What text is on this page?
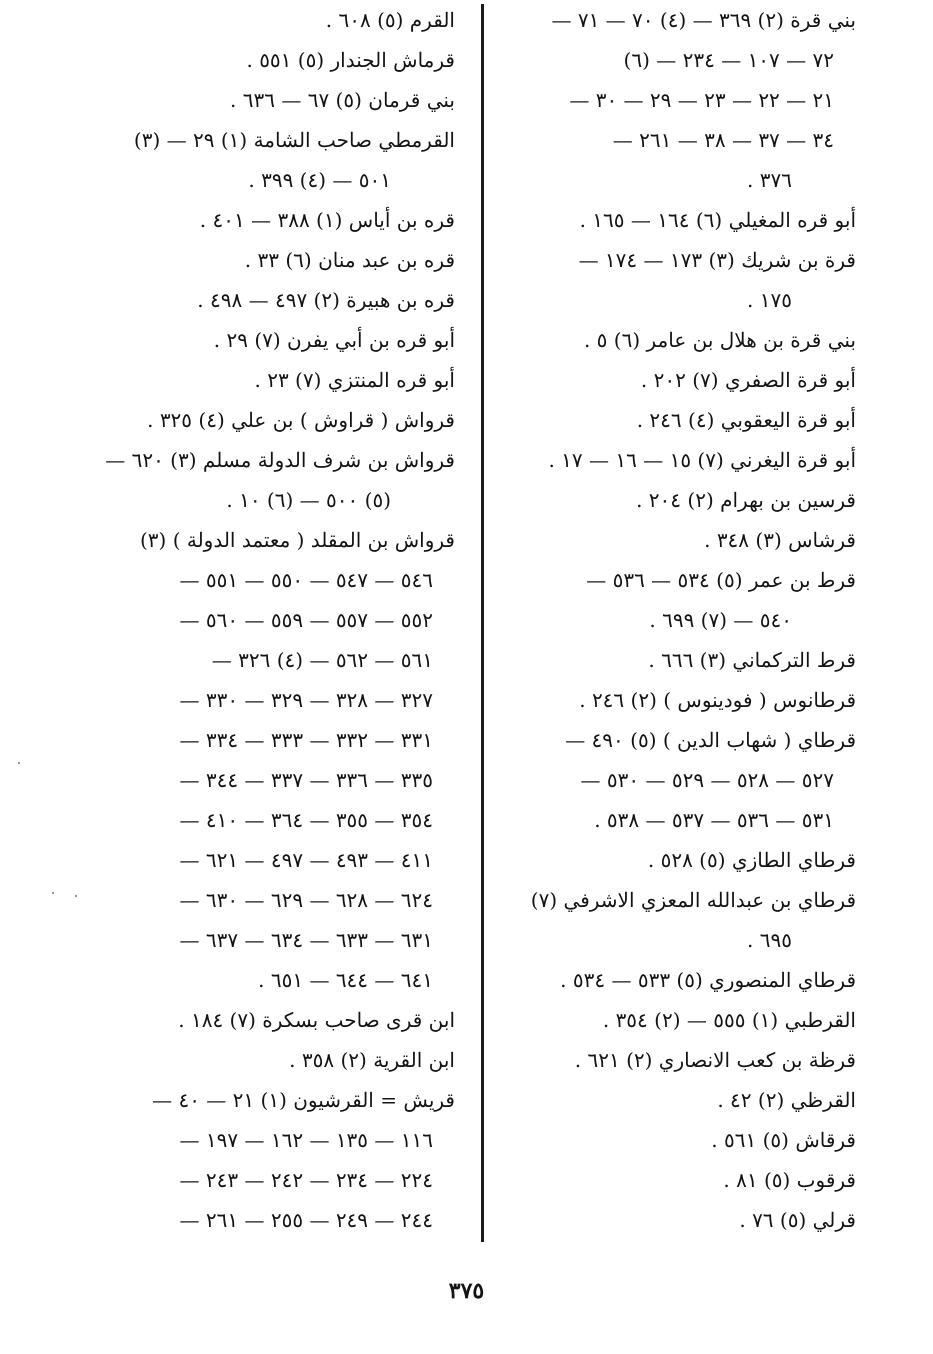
بني قرة (٢) ٣٦٩ — (٤) ٧٠ — ٧١ —
٧٢ — ١٠٧ — ٢٣٤ — (٦)
٢١ — ٢٢ — ٢٣ — ٢٩ — ٣٠ —
٣٤ — ٣٧ — ٣٨ — ٢٦١ —
٣٧٦ .
أبو قره المغيلي (٦) ١٦٤ — ١٦٥ .
قرة بن شريك (٣) ١٧٣ — ١٧٤ —
١٧٥ .
بني قرة بن هلال بن عامر (٦) ٥ .
أبو قرة الصفري (٧) ٢٠٢ .
أبو قرة اليعقوبي (٤) ٢٤٦ .
أبو قرة اليغرني (٧) ١٥ — ١٦ — ١٧ .
قرسين بن بهرام (٢) ٢٠٤ .
قرشاس (٣) ٣٤٨ .
قرط بن عمر (٥) ٥٣٤ — ٥٣٦ —
٥٤٠ — (٧) ٦٩٩ .
قرط التركماني (٣) ٦٦٦ .
قرطانوس ( فودينوس ) (٢) ٢٤٦ .
قرطاي ( شهاب الدين ) (٥) ٤٩٠ —
٥٢٧ — ٥٢٨ — ٥٢٩ — ٥٣٠ —
٥٣١ — ٥٣٦ — ٥٣٧ — ٥٣٨ .
قرطاي الطازي (٥) ٥٢٨ .
قرطاي بن عبدالله المعزي الاشرفي (٧)
٦٩٥ .
قرطاي المنصوري (٥) ٥٣٣ — ٥٣٤ .
القرطبي (١) ٥٥٥ — (٢) ٣٥٤ .
قرظة بن كعب الانصاري (٢) ٦٢١ .
القرظي (٢) ٤٢ .
قرقاش (٥) ٥٦١ .
قرقوب (٥) ٨١ .
قرلي (٥) ٧٦ .
القرم (٥) ٦٠٨ .
قرماش الجندار (٥) ٥٥١ .
بني قرمان (٥) ٦٧ — ٦٣٦ .
القرمطي صاحب الشامة (١) ٢٩ — (٣)
٥٠١ — (٤) ٣٩٩ .
قره بن أياس (١) ٣٨٨ — ٤٠١ .
قره بن عبد منان (٦) ٣٣ .
قره بن هبيرة (٢) ٤٩٧ — ٤٩٨ .
أبو قره بن أبي يفرن (٧) ٢٩ .
أبو قره المنتزي (٧) ٢٣ .
قرواش ( قراوش ) بن علي (٤) ٣٢٥ .
قرواش بن شرف الدولة مسلم (٣) ٦٢٠ —
(٥) ٥٠٠ — (٦) ١٠ .
قرواش بن المقلد ( معتمد الدولة ) (٣)
٥٤٦ — ٥٤٧ — ٥٥٠ — ٥٥١ —
٥٥٢ — ٥٥٧ — ٥٥٩ — ٥٦٠ —
٥٦١ — ٥٦٢ — (٤) ٣٢٦ —
٣٢٧ — ٣٢٨ — ٣٢٩ — ٣٣٠ —
٣٣١ — ٣٣٢ — ٣٣٣ — ٣٣٤ —
٣٣٥ — ٣٣٦ — ٣٣٧ — ٣٤٤ —
٣٥٤ — ٣٥٥ — ٣٦٤ — ٤١٠ —
٤١١ — ٤٩٣ — ٤٩٧ — ٦٢١ —
٦٢٤ — ٦٢٨ — ٦٢٩ — ٦٣٠ —
٦٣١ — ٦٣٣ — ٦٣٤ — ٦٣٧ —
٦٤١ — ٦٤٤ — ٦٥١ .
ابن قرى صاحب بسكرة (٧) ١٨٤ .
ابن القرية (٢) ٣٥٨ .
قريش = القرشيون (١) ٢١ — ٤٠ —
١١٦ — ١٣٥ — ١٦٢ — ١٩٧ —
٢٢٤ — ٢٣٤ — ٢٤٢ — ٢٤٣ —
٢٤٤ — ٢٤٩ — ٢٥٥ — ٢٦١ —
٣٧٥
